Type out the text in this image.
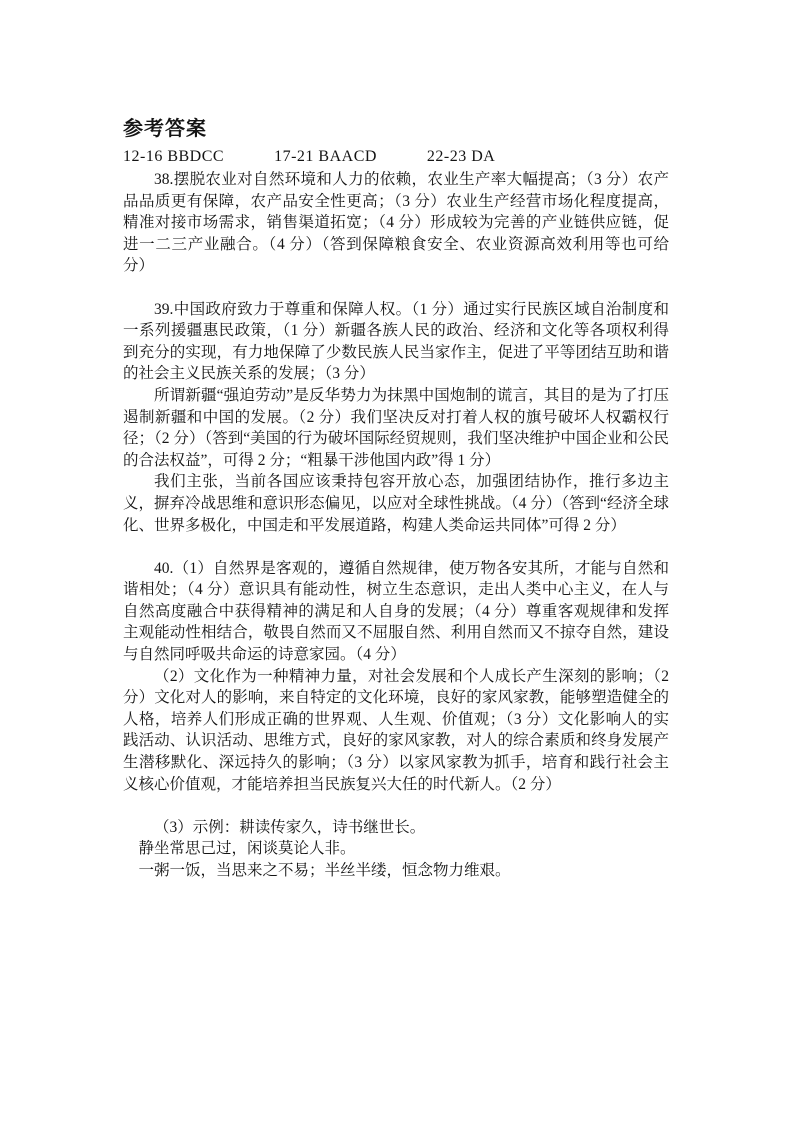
参考答案
12-16 BBDCC	17-21 BAACD	22-23 DA

38.摆脱农业对自然环境和人力的依赖，农业生产率大幅提高；（3 分）农产品品质更有保障，农产品安全性更高；（3 分）农业生产经营市场化程度提高，精准对接市场需求，销售渠道拓宽；（4 分）形成较为完善的产业链供应链，促进一二三产业融合。（4 分）（答到保障粮食安全、农业资源高效利用等也可给分）

39.中国政府致力于尊重和保障人权。（1 分）通过实行民族区域自治制度和一系列援疆惠民政策，（1 分）新疆各族人民的政治、经济和文化等各项权利得到充分的实现，有力地保障了少数民族人民当家作主，促进了平等团结互助和谐的社会主义民族关系的发展；（3 分）

所谓新疆“强迫劳动”是反华势力为抹黑中国炮制的谎言，其目的是为了打压遏制新疆和中国的发展。（2 分）我们坚决反对打着人权的旗号破坏人权霸权行径；（2 分）（答到“美国的行为破坏国际经贸规则，我们坚决维护中国企业和公民的合法权益”，可得 2 分；“粗暴干涉他国内政”得 1 分）

我们主张，当前各国应该秉持包容开放心态，加强团结协作，推行多边主义，摒弃冷战思维和意识形态偏见，以应对全球性挑战。（4 分）（答到“经济全球化、世界多极化，中国走和平发展道路，构建人类命运共同体”可得 2 分）

40.（1）自然界是客观的，遵循自然规律，使万物各安其所，才能与自然和谐相处；（4 分）意识具有能动性，树立生态意识，走出人类中心主义，在人与自然高度融合中获得精神的满足和人自身的发展；（4 分）尊重客观规律和发挥主观能动性相结合，敬畏自然而又不屈服自然、利用自然而又不掠夺自然，建设与自然同呼吸共命运的诗意家园。（4 分）

（2）文化作为一种精神力量，对社会发展和个人成长产生深刻的影响；（2 分）文化对人的影响，来自特定的文化环境，良好的家风家教，能够塑造健全的人格，培养人们形成正确的世界观、人生观、价值观；（3 分）文化影响人的实践活动、认识活动、思维方式，良好的家风家教，对人的综合素质和终身发展产生潜移默化、深远持久的影响；（3 分）以家风家教为抓手，培育和践行社会主义核心价值观，才能培养担当民族复兴大任的时代新人。（2 分）

（3）示例：耕读传家久，诗书继世长。

静坐常思己过，闲谈莫论人非。

一粥一饭，当思来之不易；半丝半缕，恒念物力维艰。
